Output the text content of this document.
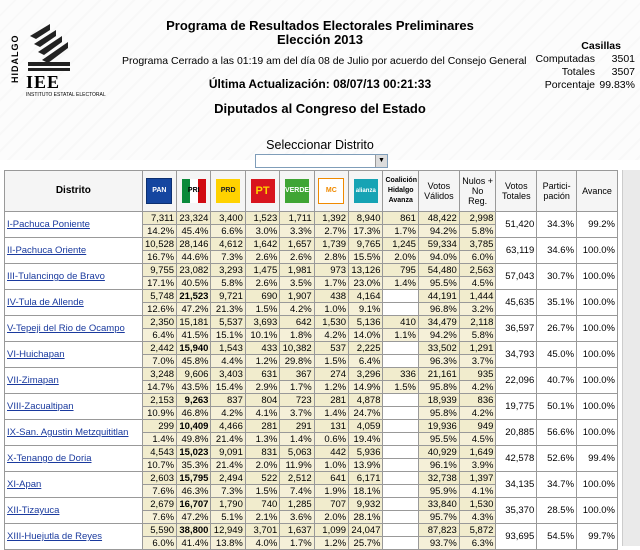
HIDALGO IEE
INSTITUTO ESTATAL ELECTORAL
Programa de Resultados Electorales Preliminares
Elección 2013
Programa Cerrado a las 01:19 am del día 08 de Julio por acuerdo del Consejo General
Última Actualización: 08/07/13 00:21:33
Diputados al Congreso del Estado
Casillas
Computadas	3501
Totales	3507
Porcentaje 99.83%
Seleccionar Distrito
▼
Distrito	PAN	PRI	PRD	PT	VERDE	MC	alianza	Coalición Hidalgo Avanza	Votos Válidos	Nulos + No Reg.	Votos Totales	Partici- pación	Avance
I-Pachuca Poniente	7,311	23,324	3,400	1,523	1,711	1,392	8,940	861	48,422	2,998	51,420	34.3%	99.2%
	14.2%	45.4%	6.6%	3.0%	3.3%	2.7%	17.3%	1.7%	94.2%	5.8%			
II-Pachuca Oriente	10,528	28,146	4,612	1,642	1,657	1,739	9,765	1,245	59,334	3,785	63,119	34.6%	100.0%
	16.7%	44.6%	7.3%	2.6%	2.6%	2.8%	15.5%	2.0%	94.0%	6.0%			
III-Tulancingo de Bravo	9,755	23,082	3,293	1,475	1,981	973	13,126	795	54,480	2,563	57,043	30.7%	100.0%
	17.1%	40.5%	5.8%	2.6%	3.5%	1.7%	23.0%	1.4%	95.5%	4.5%			
IV-Tula de Allende	5,748	21,523	9,721	690	1,907	438	4,164		44,191	1,444	45,635	35.1%	100.0%
	12.6%	47.2%	21.3%	1.5%	4.2%	1.0%	9.1%		96.8%	3.2%			
V-Tepeji del Rio de Ocampo	2,350	15,181	5,537	3,693	642	1,530	5,136	410	34,479	2,118	36,597	26.7%	100.0%
	6.4%	41.5%	15.1%	10.1%	1.8%	4.2%	14.0%	1.1%	94.2%	5.8%			
VI-Huichapan	2,442	15,940	1,543	433	10,382	537	2,225		33,502	1,291	34,793	45.0%	100.0%
	7.0%	45.8%	4.4%	1.2%	29.8%	1.5%	6.4%		96.3%	3.7%			
VII-Zimapan	3,248	9,606	3,403	631	367	274	3,296	336	21,161	935	22,096	40.7%	100.0%
	14.7%	43.5%	15.4%	2.9%	1.7%	1.2%	14.9%	1.5%	95.8%	4.2%			
VIII-Zacualtipan	2,153	9,263	837	804	723	281	4,878		18,939	836	19,775	50.1%	100.0%
	10.9%	46.8%	4.2%	4.1%	3.7%	1.4%	24.7%		95.8%	4.2%			
IX-San. Agustin Metzquititlan	299	10,409	4,466	281	291	131	4,059		19,936	949	20,885	56.6%	100.0%
	1.4%	49.8%	21.4%	1.3%	1.4%	0.6%	19.4%		95.5%	4.5%			
X-Tenango de Doria	4,543	15,023	9,091	831	5,063	442	5,936		40,929	1,649	42,578	52.6%	99.4%
	10.7%	35.3%	21.4%	2.0%	11.9%	1.0%	13.9%		96.1%	3.9%			
XI-Apan	2,603	15,795	2,494	522	2,512	641	6,171		32,738	1,397	34,135	34.7%	100.0%
	7.6%	46.3%	7.3%	1.5%	7.4%	1.9%	18.1%		95.9%	4.1%			
XII-Tizayuca	2,679	16,707	1,790	740	1,285	707	9,932		33,840	1,530	35,370	28.5%	100.0%
	7.6%	47.2%	5.1%	2.1%	3.6%	2.0%	28.1%		95.7%	4.3%			
XIII-Huejutla de Reyes	5,590	38,800	12,949	3,701	1,637	1,099	24,047		87,823	5,872	93,695	54.5%	99.7%
	6.0%	41.4%	13.8%	4.0%	1.7%	1.2%	25.7%		93.7%	6.3%			
